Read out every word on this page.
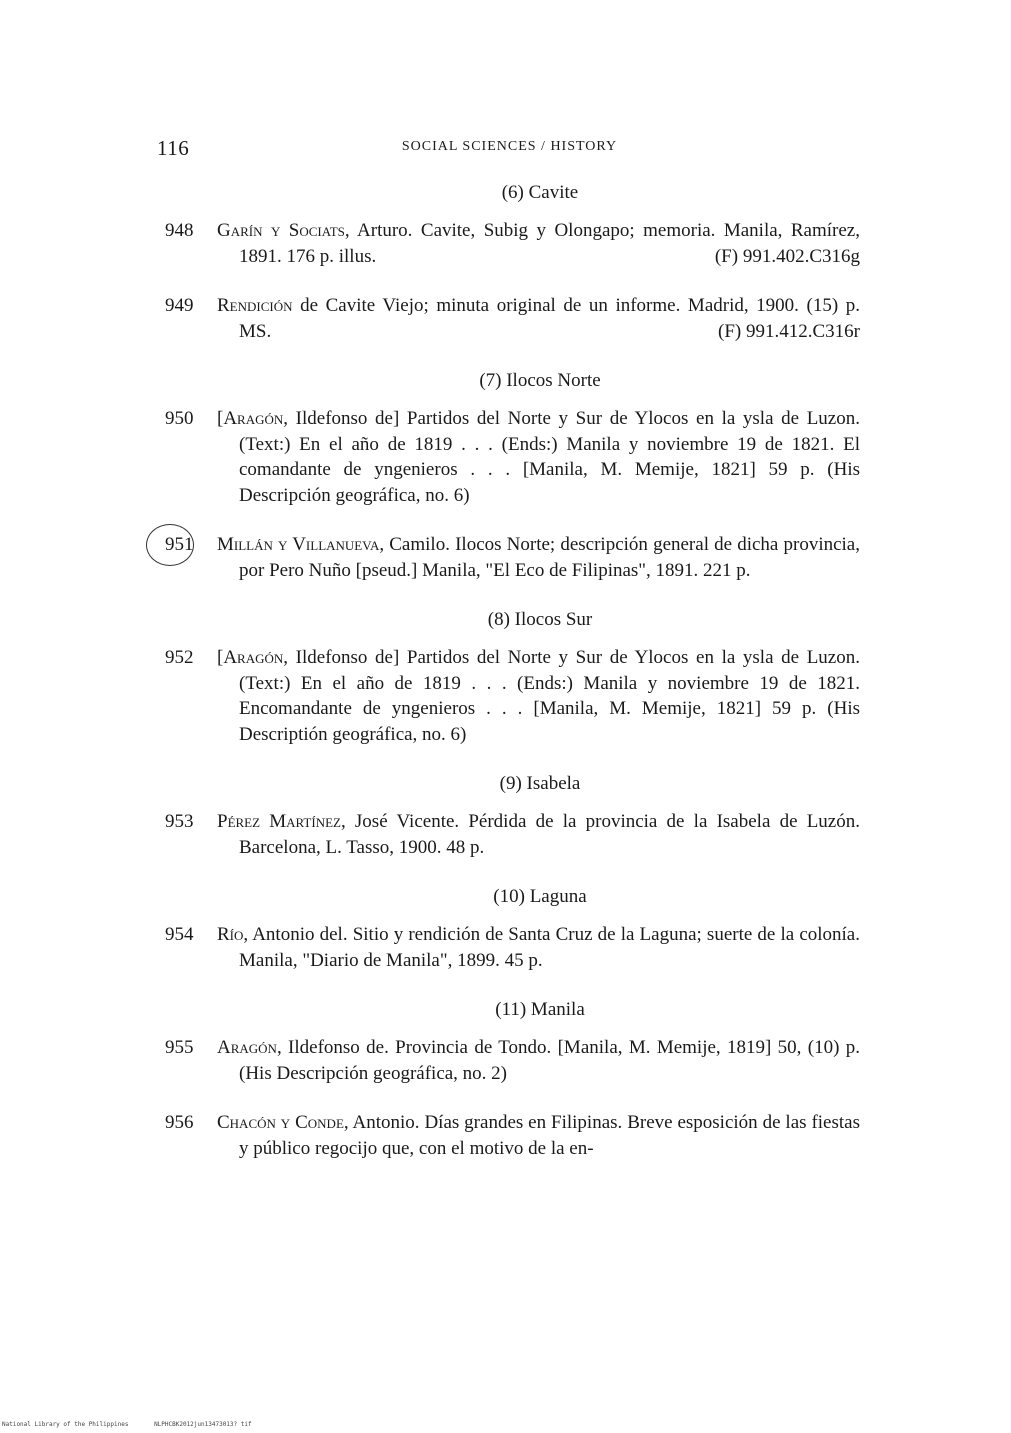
116	SOCIAL SCIENCES / HISTORY
(6) Cavite
948	Garín y Sociats, Arturo. Cavite, Subig y Olongapo; memoria. Manila, Ramírez, 1891. 176 p. illus.	(F) 991.402.C316g
949	Rendición de Cavite Viejo; minuta original de un informe. Madrid, 1900. (15) p. MS.	(F) 991.412.C316r
(7) Ilocos Norte
950	[Aragón, Ildefonso de] Partidos del Norte y Sur de Ylocos en la ysla de Luzon. (Text:) En el año de 1819 . . . (Ends:) Manila y noviembre 19 de 1821. El comandante de yngenieros . . . [Manila, M. Memije, 1821] 59 p. (His Descripción geográfica, no. 6)
951	Millán y Villanueva, Camilo. Ilocos Norte; descripción general de dicha provincia, por Pero Nuño [pseud.] Manila, "El Eco de Filipinas", 1891. 221 p.
(8) Ilocos Sur
952	[Aragón, Ildefonso de] Partidos del Norte y Sur de Ylocos en la ysla de Luzon. (Text:) En el año de 1819 . . . (Ends:) Manila y noviembre 19 de 1821. Encomandante de yngenieros . . . [Manila, M. Memije, 1821] 59 p. (His Descriptión geográfica, no. 6)
(9) Isabela
953	Pérez Martínez, José Vicente. Pérdida de la provincia de la Isabela de Luzón. Barcelona, L. Tasso, 1900. 48 p.
(10) Laguna
954	Río, Antonio del. Sitio y rendición de Santa Cruz de la Laguna; suerte de la colonía. Manila, "Diario de Manila", 1899. 45 p.
(11) Manila
955	Aragón, Ildefonso de. Provincia de Tondo. [Manila, M. Memije, 1819] 50, (10) p. (His Descripción geográfica, no. 2)
956	Chacón y Conde, Antonio. Días grandes en Filipinas. Breve esposición de las fiestas y público regocijo que, con el motivo de la en-
National Library of the Philippines	NLPHCBK2012jun13473013? tif
